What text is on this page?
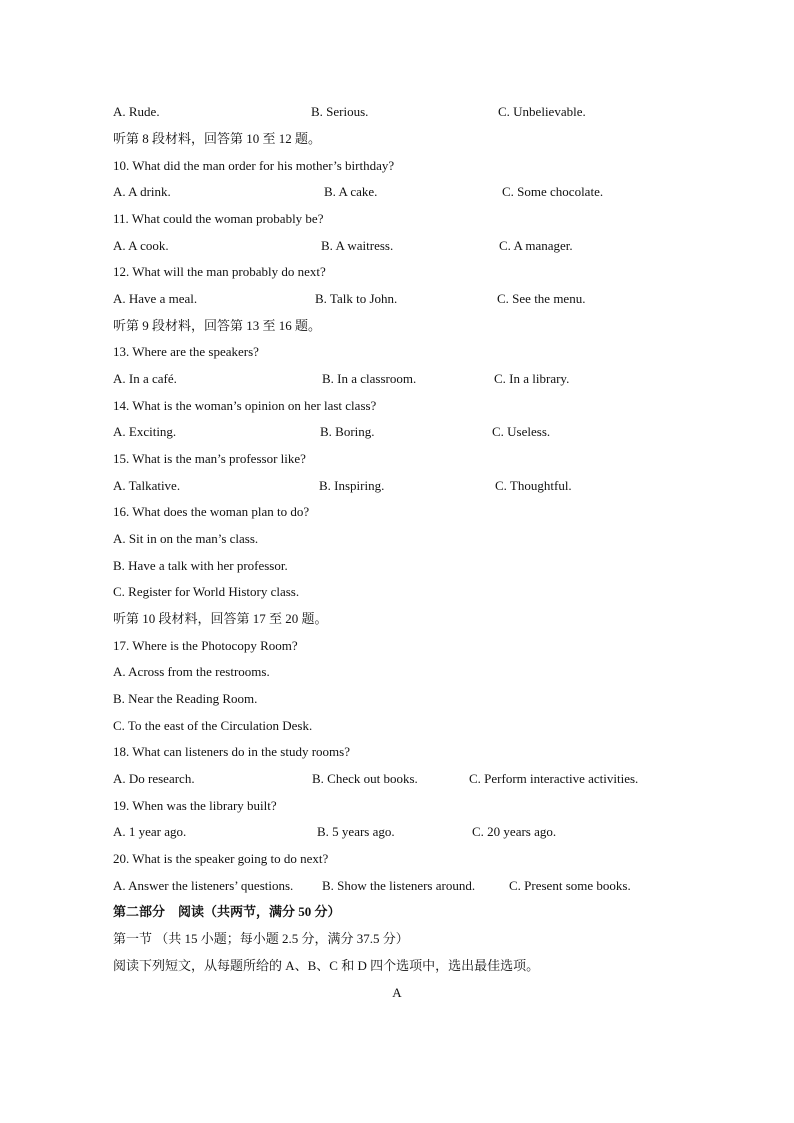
A. Rude.	B. Serious.	C. Unbelievable.
听第 8 段材料，回答第 10 至 12 题。
10. What did the man order for his mother’s birthday?
A. A drink.	B. A cake.	C. Some chocolate.
11. What could the woman probably be?
A. A cook.	B. A waitress.	C. A manager.
12. What will the man probably do next?
A. Have a meal.	B. Talk to John.	C. See the menu.
听第 9 段材料，回答第 13 至 16 题。
13. Where are the speakers?
A. In a café.	B. In a classroom.	C. In a library.
14. What is the woman’s opinion on her last class?
A. Exciting.	B. Boring.	C. Useless.
15. What is the man’s professor like?
A. Talkative.	B. Inspiring.	C. Thoughtful.
16. What does the woman plan to do?
A. Sit in on the man’s class.
B. Have a talk with her professor.
C. Register for World History class.
听第 10 段材料，回答第 17 至 20 题。
17. Where is the Photocopy Room?
A. Across from the restrooms.
B. Near the Reading Room.
C. To the east of the Circulation Desk.
18. What can listeners do in the study rooms?
A. Do research.	B. Check out books.	C. Perform interactive activities.
19. When was the library built?
A. 1 year ago.	B. 5 years ago.	C. 20 years ago.
20. What is the speaker going to do next?
A. Answer the listeners’ questions. B. Show the listeners around.	C. Present some books.
第二部分　阅读（共两节，满分 50 分）
第一节 （共 15 小题；每小题 2.5 分，满分 37.5 分）
阅读下列短文，从每题所给的 A、B、C 和 D 四个选项中，选出最佳选项。
A
